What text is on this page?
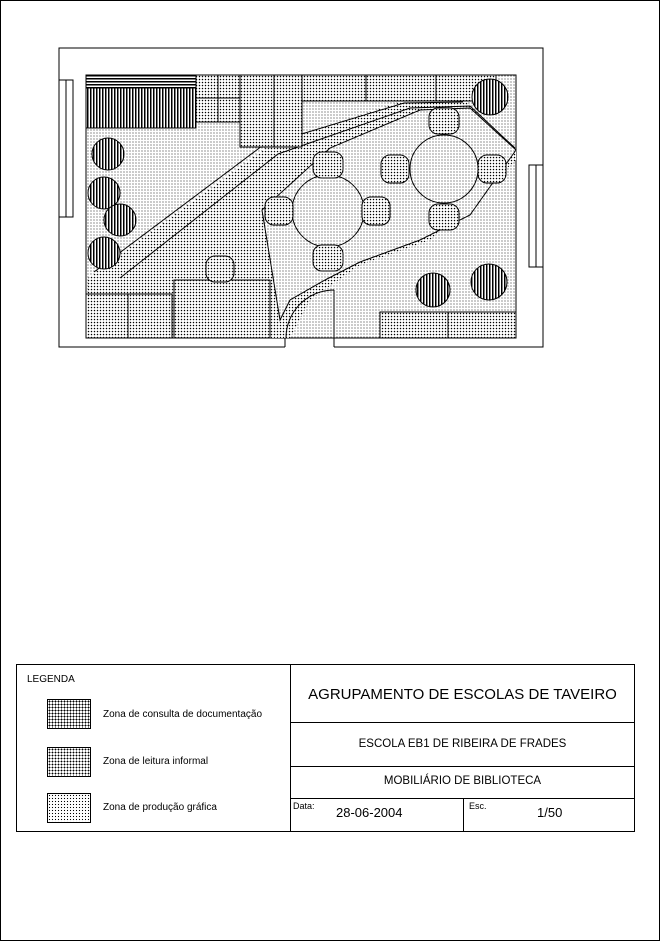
LEGENDA
Zona de consulta de documentação
Zona de leitura informal
Zona de produção gráfica
AGRUPAMENTO DE ESCOLAS DE TAVEIRO
ESCOLA EB1 DE RIBEIRA DE FRADES
MOBILIÁRIO DE BIBLIOTECA
Data: 28-06-2004	Esc.	1/50
